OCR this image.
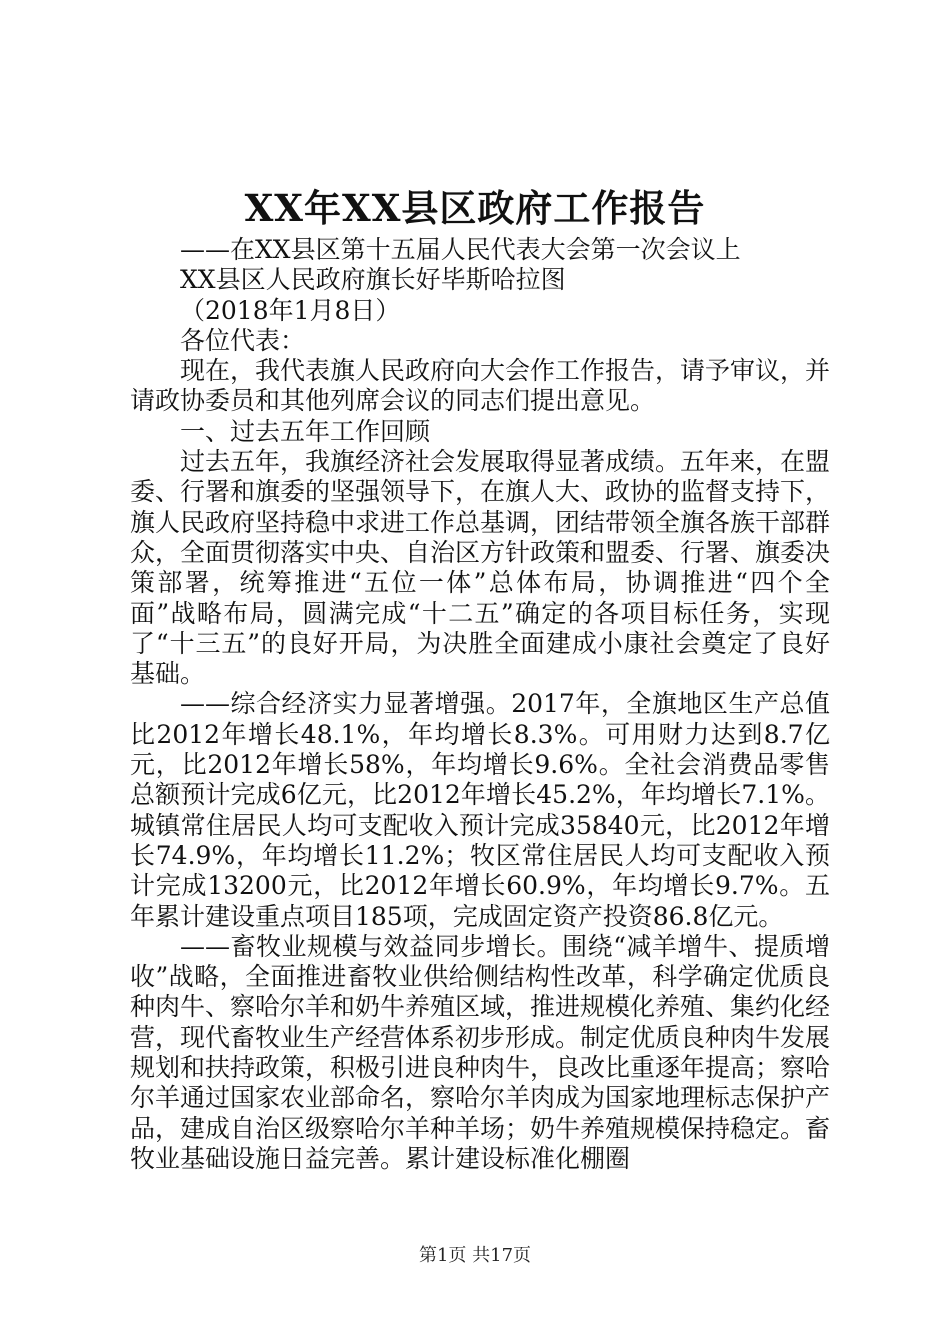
XX年XX县区政府工作报告

——在XX县区第十五届人民代表大会第一次会议上

XX县区人民政府旗长好毕斯哈拉图

（2018年1月8日）

各位代表：

现在，我代表旗人民政府向大会作工作报告，请予审议，并请政协委员和其他列席会议的同志们提出意见。

一、过去五年工作回顾

过去五年，我旗经济社会发展取得显著成绩。五年来，在盟委、行署和旗委的坚强领导下，在旗人大、政协的监督支持下，旗人民政府坚持稳中求进工作总基调，团结带领全旗各族干部群众，全面贯彻落实中央、自治区方针政策和盟委、行署、旗委决策部署，统筹推进“五位一体”总体布局，协调推进“四个全面”战略布局，圆满完成“十二五”确定的各项目标任务，实现了“十三五”的良好开局，为决胜全面建成小康社会奠定了良好基础。

——综合经济实力显著增强。2017年，全旗地区生产总值比2012年增长48.1%，年均增长8.3%。可用财力达到8.7亿元，比2012年增长58%，年均增长9.6%。全社会消费品零售总额预计完成6亿元，比2012年增长45.2%，年均增长7.1%。城镇常住居民人均可支配收入预计完成35840元，比2012年增长74.9%，年均增长11.2%；牧区常住居民人均可支配收入预计完成13200元，比2012年增长60.9%，年均增长9.7%。五年累计建设重点项目185项，完成固定资产投资86.8亿元。

——畜牧业规模与效益同步增长。围绕“减羊增牛、提质增收”战略，全面推进畜牧业供给侧结构性改革，科学确定优质良种肉牛、察哈尔羊和奶牛养殖区域，推进规模化养殖、集约化经营，现代畜牧业生产经营体系初步形成。制定优质良种肉牛发展规划和扶持政策，积极引进良种肉牛，良改比重逐年提高；察哈尔羊通过国家农业部命名，察哈尔羊肉成为国家地理标志保护产品，建成自治区级察哈尔羊种羊场；奶牛养殖规模保持稳定。畜牧业基础设施日益完善。累计建设标准化棚圈

第1页 共17页
